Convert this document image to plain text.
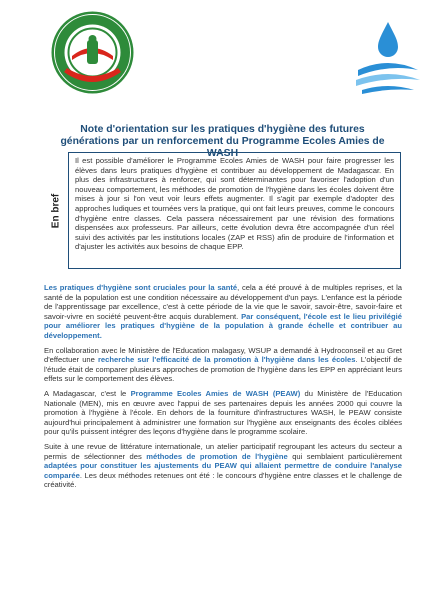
Note d'orientation sur les pratiques d'hygiène des futures générations par un renforcement du Programme Ecoles Amies de WASH
En bref
Il est possible d'améliorer le Programme Ecoles Amies de WASH pour faire progresser les élèves dans leurs pratiques d'hygiène et contribuer au développement de Madagascar. En plus des infrastructures à renforcer, qui sont déterminantes pour favoriser l'adoption d'un nouveau comportement, les méthodes de promotion de l'hygiène dans les écoles doivent être mises à jour si l'on veut voir leurs effets augmenter. Il s'agit par exemple d'adopter des approches ludiques et tournées vers la pratique, qui ont fait leurs preuves, comme le concours d'hygiène entre classes. Cela passera nécessairement par une révision des formations dispensées aux professeurs. Par ailleurs, cette évolution devra être accompagnée d'un réel suivi des activités par les institutions locales (ZAP et RSS) afin de produire de l'information et d'ajuster les activités aux besoins de chaque EPP.

Les pratiques d'hygiène sont cruciales pour la santé, cela a été prouvé à de multiples reprises, et la santé de la population est une condition nécessaire au développement d'un pays. L'enfance est la période de l'apprentissage par excellence, c'est à cette période de la vie que le savoir, savoir-être, savoir-faire et savoir-vivre en société peuvent-être acquis durablement. Par conséquent, l'école est le lieu privilégié pour améliorer les pratiques d'hygiène de la population à grande échelle et contribuer au développement.

En collaboration avec le Ministère de l'Education malagasy, WSUP a demandé à Hydroconseil et au Gret d'effectuer une recherche sur l'efficacité de la promotion à l'hygiène dans les écoles. L'objectif de l'étude était de comparer plusieurs approches de promotion de l'hygiène dans les EPP en appréciant leurs effets sur le comportement des élèves.

A Madagascar, c'est le Programme Ecoles Amies de WASH (PEAW) du Ministère de l'Education Nationale (MEN), mis en œuvre avec l'appui de ses partenaires depuis les années 2000 qui couvre la promotion à l'hygiène à l'école. En dehors de la fourniture d'infrastructures WASH, le PEAW consiste aujourd'hui principalement à administrer une formation sur l'hygiène aux enseignants des écoles ciblées pour qu'ils puissent intégrer des leçons d'hygiène dans le programme scolaire.

Suite à une revue de littérature internationale, un atelier participatif regroupant les acteurs du secteur a permis de sélectionner des méthodes de promotion de l'hygiène qui semblaient particulièrement adaptées pour constituer les ajustements du PEAW qui allaient permettre de conduire l'analyse comparée. Les deux méthodes retenues ont été : le concours d'hygiène entre classes et le challenge de créativité.
